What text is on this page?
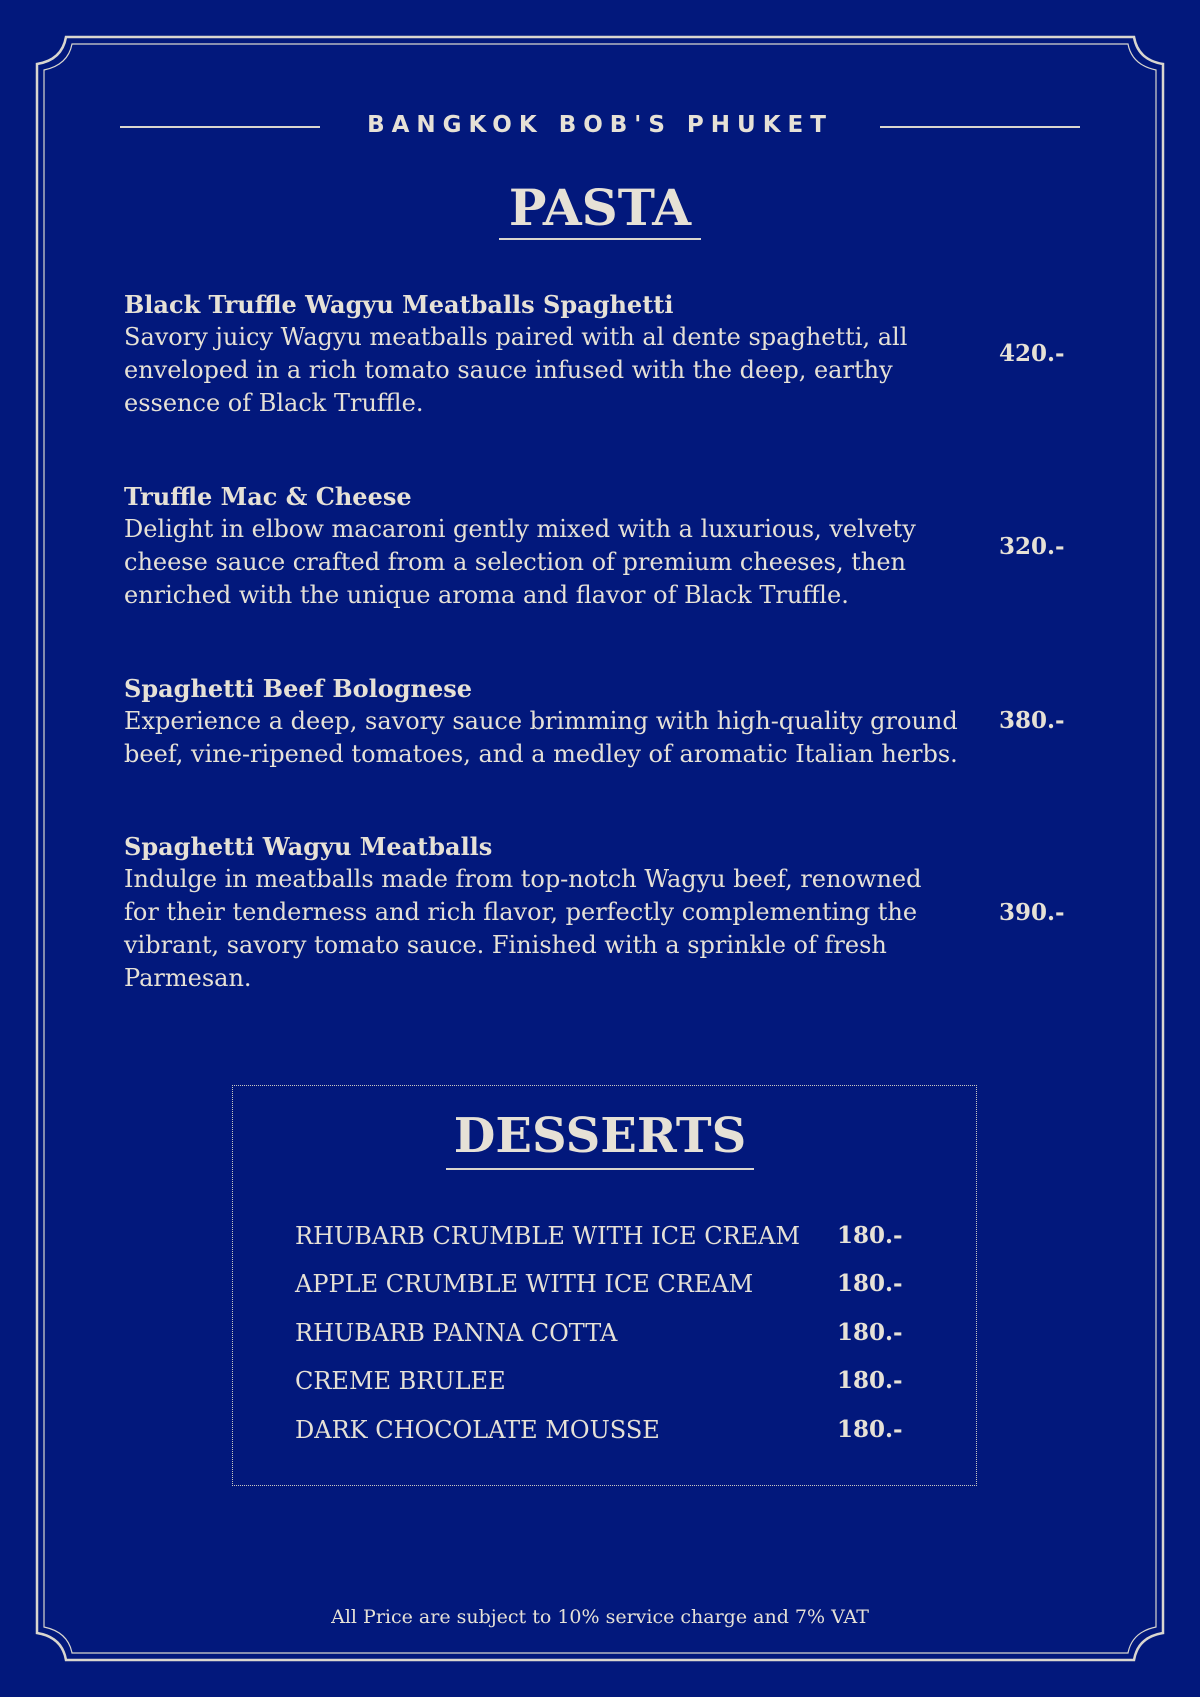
BANGKOK BOB'S PHUKET
PASTA
Black Truffle Wagyu Meatballs Spaghetti
Savory juicy Wagyu meatballs paired with al dente spaghetti, all
enveloped in a rich tomato sauce infused with the deep, earthy
essence of Black Truffle.
420.-
Truffle Mac & Cheese
Delight in elbow macaroni gently mixed with a luxurious, velvety
cheese sauce crafted from a selection of premium cheeses, then
enriched with the unique aroma and flavor of Black Truffle.
320.-
Spaghetti Beef Bolognese
Experience a deep, savory sauce brimming with high-quality ground
beef, vine-ripened tomatoes, and a medley of aromatic Italian herbs.
380.-
Spaghetti Wagyu Meatballs
Indulge in meatballs made from top-notch Wagyu beef, renowned
for their tenderness and rich flavor, perfectly complementing the
vibrant, savory tomato sauce. Finished with a sprinkle of fresh
Parmesan.
390.-
DESSERTS
RHUBARB CRUMBLE WITH ICE CREAM 180.-
APPLE CRUMBLE WITH ICE CREAM	180.-
RHUBARB PANNA COTTA	180.-
CREME BRULEE	180.-
DARK CHOCOLATE MOUSSE	180.-
All Price are subject to 10% service charge and 7% VAT
